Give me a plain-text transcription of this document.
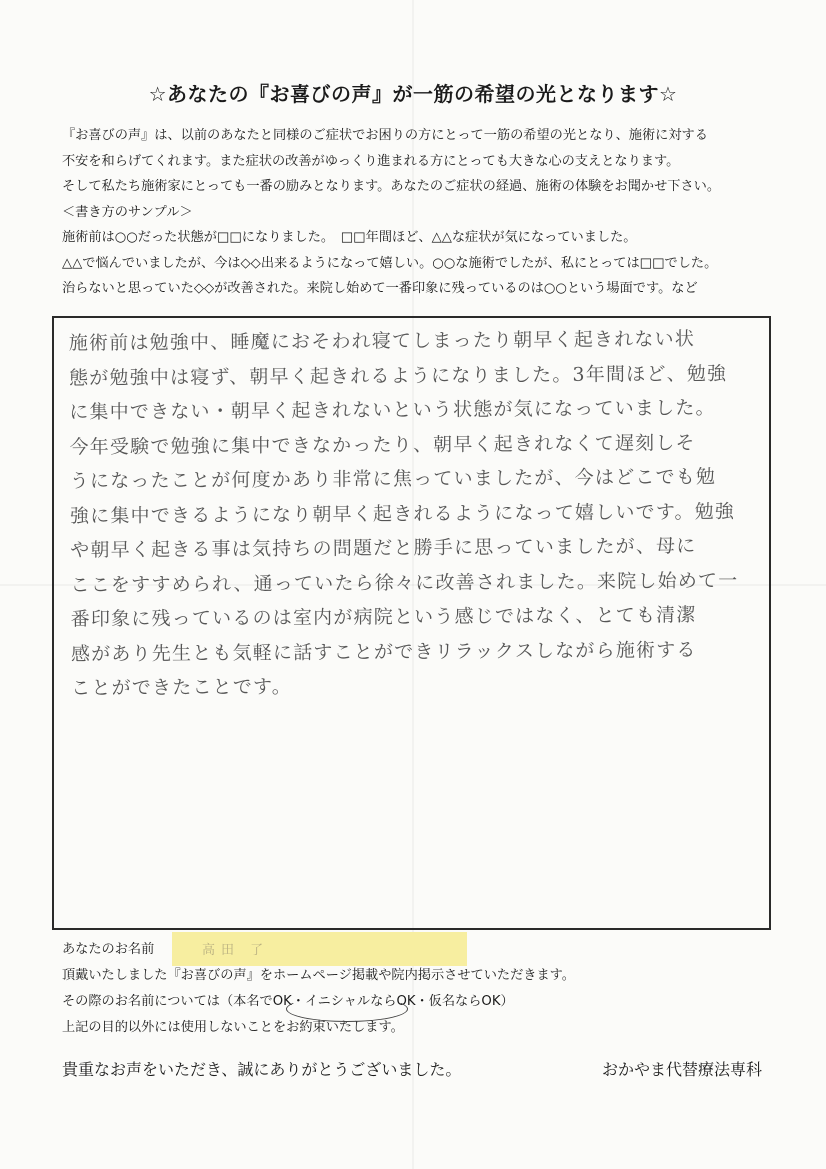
☆あなたの『お喜びの声』が一筋の希望の光となります☆
『お喜びの声』は、以前のあなたと同様のご症状でお困りの方にとって一筋の希望の光となり、施術に対する
不安を和らげてくれます。また症状の改善がゆっくり進まれる方にとっても大きな心の支えとなります。
そして私たち施術家にとっても一番の励みとなります。あなたのご症状の経過、施術の体験をお聞かせ下さい。
＜書き方のサンプル＞
施術前は○○だった状態が□□になりました。　□□年間ほど、△△な症状が気になっていました。
△△で悩んでいましたが、今は◇◇出来るようになって嬉しい。○○な施術でしたが、私にとっては□□でした。
治らないと思っていた◇◇が改善された。来院し始めて一番印象に残っているのは○○という場面です。など
施術前は勉強中、睡魔におそわれ寝てしまったり朝早く起きれない状
態が勉強中は寝ず、朝早く起きれるようになりました。3年間ほど、勉強
に集中できない・朝早く起きれないという状態が気になっていました。
今年受験で勉強に集中できなかったり、朝早く起きれなくて遅刻しそ
うになったことが何度かあり非常に焦っていましたが、今はどこでも勉
強に集中できるようになり朝早く起きれるようになって嬉しいです。勉強
や朝早く起きる事は気持ちの問題だと勝手に思っていましたが、母に
ここをすすめられ、通っていたら徐々に改善されました。来院し始めて一
番印象に残っているのは室内が病院という感じではなく、とても清潔
感があり先生とも気軽に話すことができリラックスしながら施術する
ことができたことです。
あなたのお名前	高田 了
頂戴いたしました『お喜びの声』をホームページ掲載や院内掲示させていただきます。
その際のお名前については（本名でOK・イニシャルならOK・仮名ならOK）
上記の目的以外には使用しないことをお約束いたします。
貴重なお声をいただき、誠にありがとうございました。	おかやま代替療法専科
